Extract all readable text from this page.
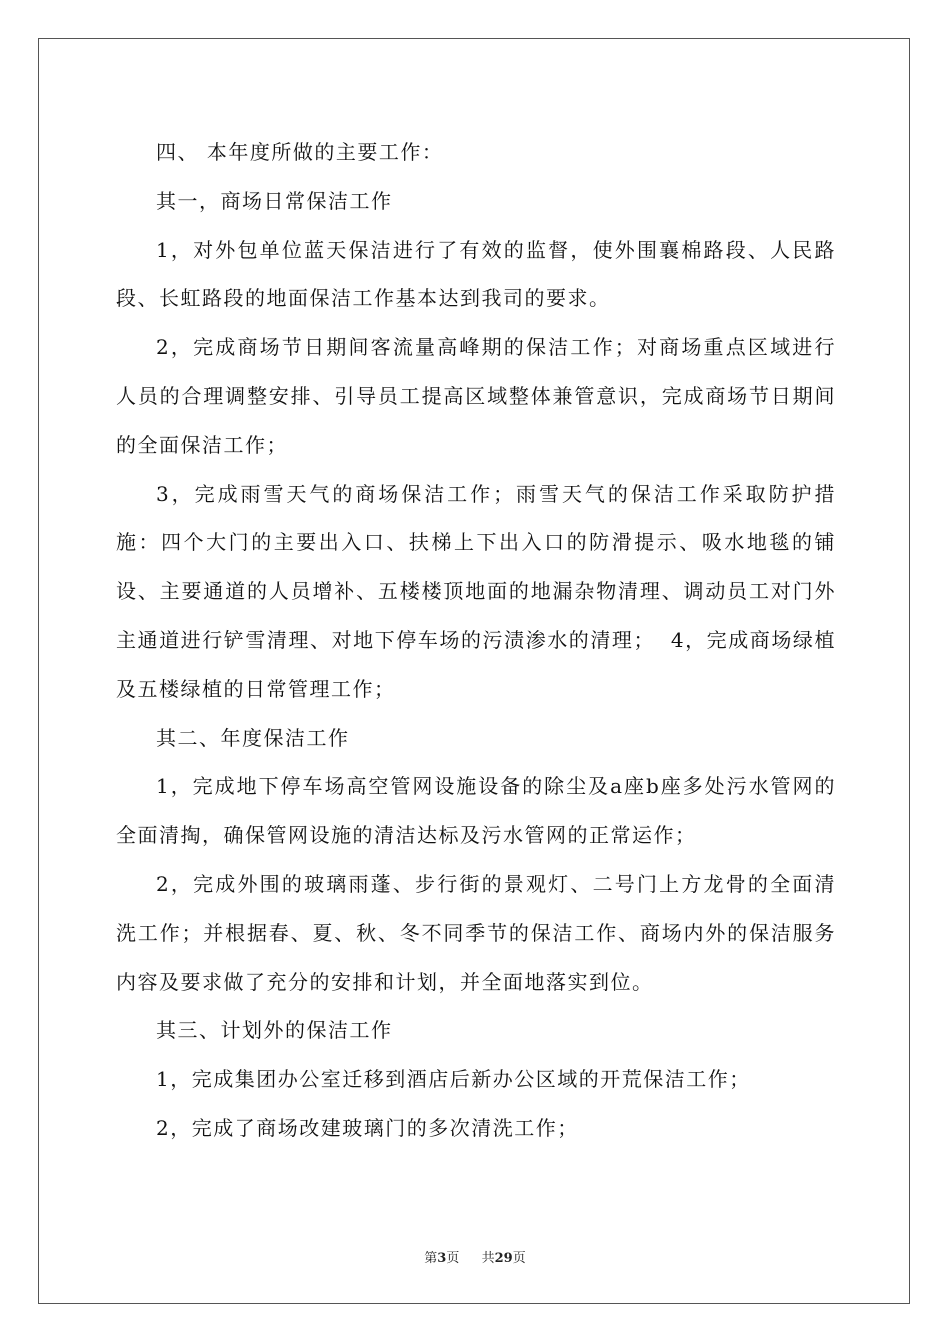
四、 本年度所做的主要工作：

其一，商场日常保洁工作

1，对外包单位蓝天保洁进行了有效的监督，使外围襄棉路段、人民路段、长虹路段的地面保洁工作基本达到我司的要求。

2，完成商场节日期间客流量高峰期的保洁工作；对商场重点区域进行人员的合理调整安排、引导员工提高区域整体兼管意识，完成商场节日期间的全面保洁工作；

3，完成雨雪天气的商场保洁工作；雨雪天气的保洁工作采取防护措施：四个大门的主要出入口、扶梯上下出入口的防滑提示、吸水地毯的铺设、主要通道的人员增补、五楼楼顶地面的地漏杂物清理、调动员工对门外主通道进行铲雪清理、对地下停车场的污渍渗水的清理；  4，完成商场绿植及五楼绿植的日常管理工作；

其二、年度保洁工作

1，完成地下停车场高空管网设施设备的除尘及a座b座多处污水管网的全面清掏，确保管网设施的清洁达标及污水管网的正常运作；

2，完成外围的玻璃雨蓬、步行街的景观灯、二号门上方龙骨的全面清洗工作；并根据春、夏、秋、冬不同季节的保洁工作、商场内外的保洁服务内容及要求做了充分的安排和计划，并全面地落实到位。

其三、计划外的保洁工作

1，完成集团办公室迁移到酒店后新办公区域的开荒保洁工作；

2，完成了商场改建玻璃门的多次清洗工作；

第3页 共29页
